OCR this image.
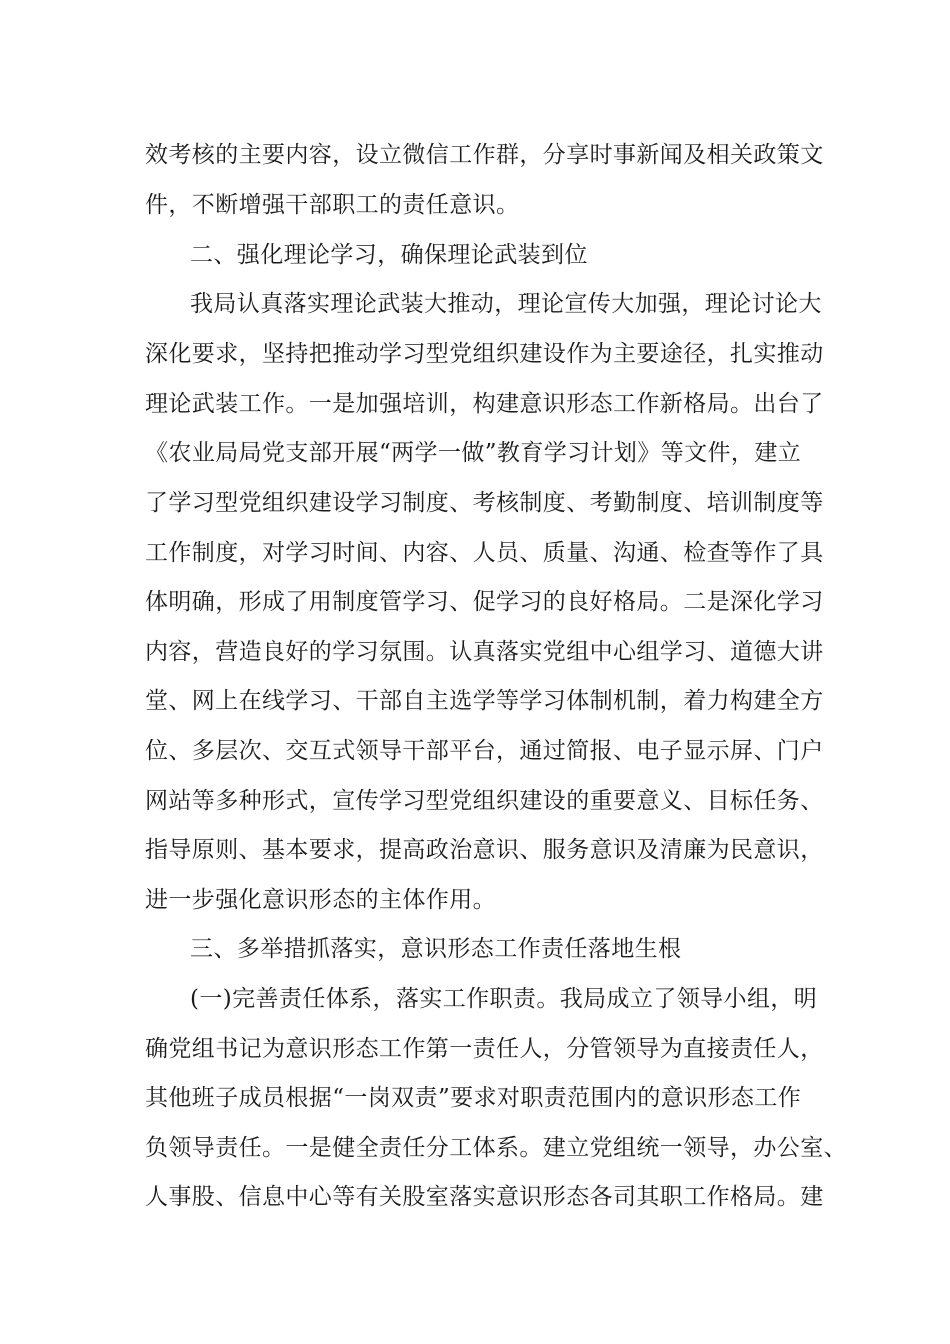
效考核的主要内容，设立微信工作群，分享时事新闻及相关政策文
件，不断增强干部职工的责任意识。
二、强化理论学习，确保理论武装到位
我局认真落实理论武装大推动，理论宣传大加强，理论讨论大
深化要求，坚持把推动学习型党组织建设作为主要途径，扎实推动
理论武装工作。一是加强培训，构建意识形态工作新格局。出台了
《农业局局党支部开展“两学一做”教育学习计划》等文件，建立
了学习型党组织建设学习制度、考核制度、考勤制度、培训制度等
工作制度，对学习时间、内容、人员、质量、沟通、检查等作了具
体明确，形成了用制度管学习、促学习的良好格局。二是深化学习
内容，营造良好的学习氛围。认真落实党组中心组学习、道德大讲
堂、网上在线学习、干部自主选学等学习体制机制，着力构建全方
位、多层次、交互式领导干部平台，通过简报、电子显示屏、门户
网站等多种形式，宣传学习型党组织建设的重要意义、目标任务、
指导原则、基本要求，提高政治意识、服务意识及清廉为民意识，
进一步强化意识形态的主体作用。
三、多举措抓落实，意识形态工作责任落地生根
(一)完善责任体系，落实工作职责。我局成立了领导小组，明
确党组书记为意识形态工作第一责任人，分管领导为直接责任人，
其他班子成员根据“一岗双责”要求对职责范围内的意识形态工作
负领导责任。一是健全责任分工体系。建立党组统一领导，办公室、
人事股、信息中心等有关股室落实意识形态各司其职工作格局。建
